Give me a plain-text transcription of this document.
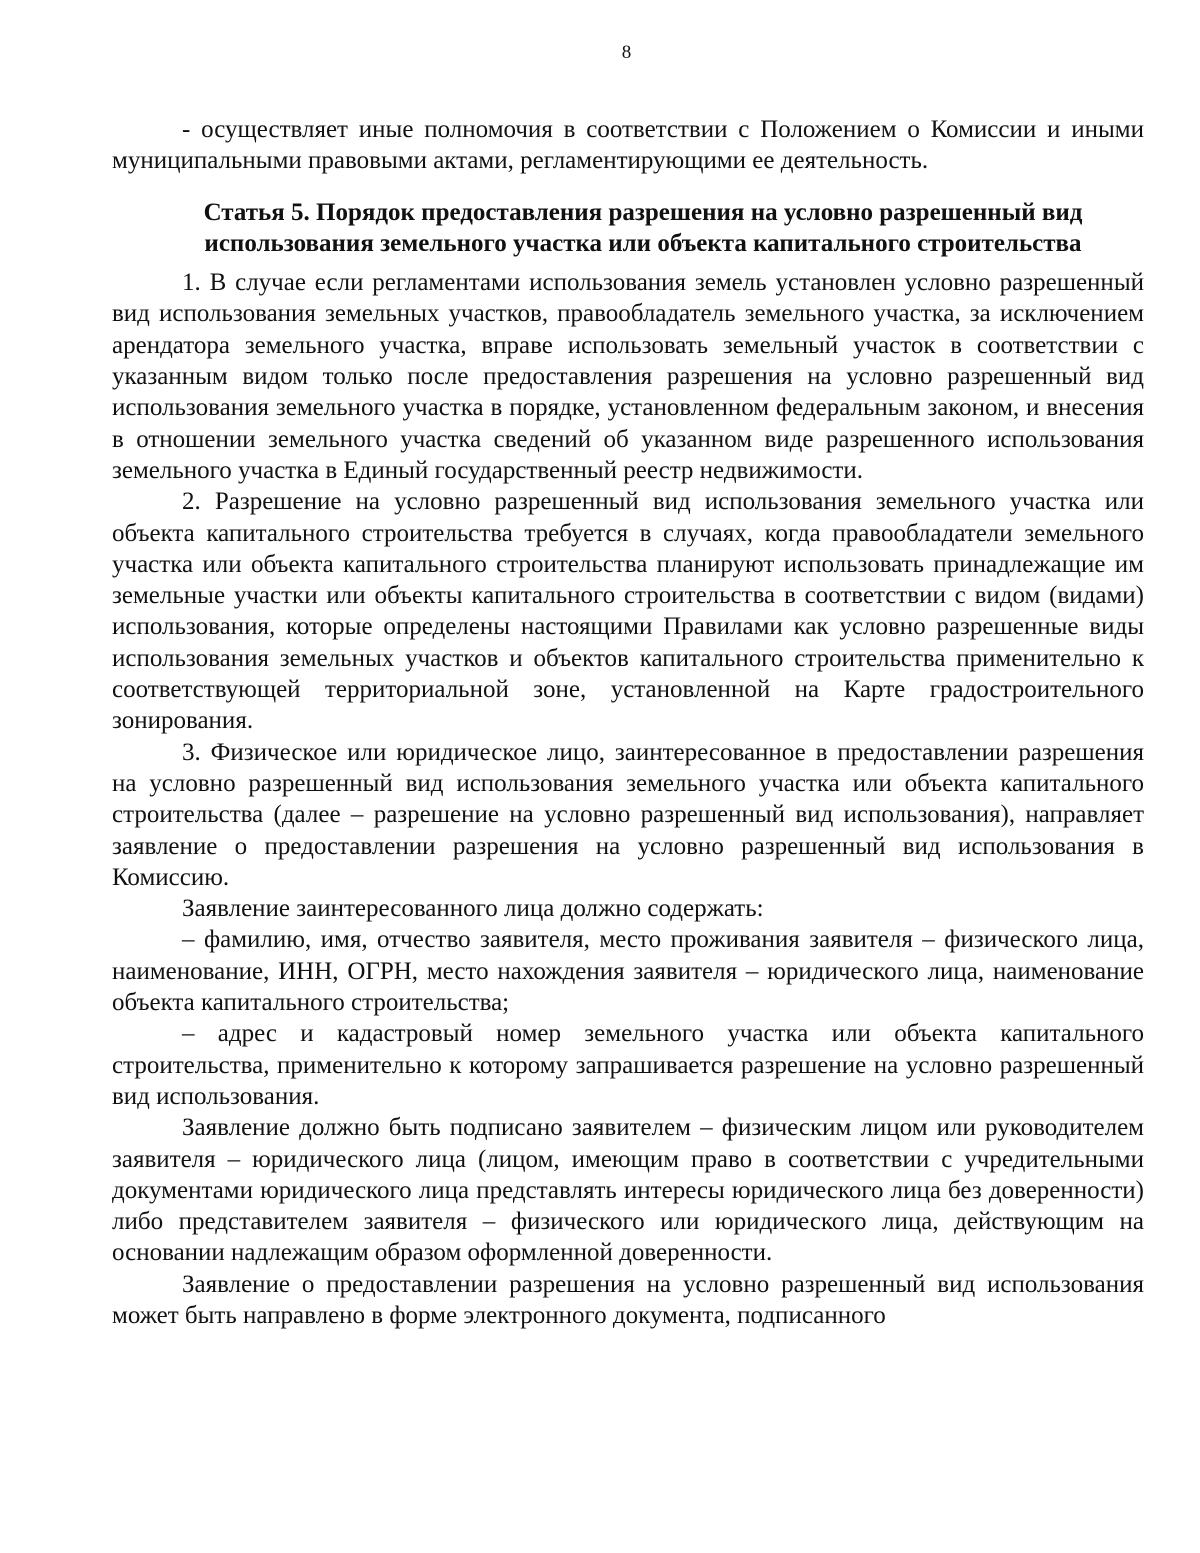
8

- осуществляет иные полномочия в соответствии с Положением о Комиссии и иными муниципальными правовыми актами, регламентирующими ее деятельность.

Статья 5. Порядок предоставления разрешения на условно разрешенный вид
использования земельного участка или объекта капитального строительства

1. В случае если регламентами использования земель установлен условно разрешенный вид использования земельных участков, правообладатель земельного участка, за исключением арендатора земельного участка, вправе использовать земельный участок в соответствии с указанным видом только после предоставления разрешения на условно разрешенный вид использования земельного участка в порядке, установленном федеральным законом, и внесения в отношении земельного участка сведений об указанном виде разрешенного использования земельного участка в Единый государственный реестр недвижимости.

2. Разрешение на условно разрешенный вид использования земельного участка или объекта капитального строительства требуется в случаях, когда правообладатели земельного участка или объекта капитального строительства планируют использовать принадлежащие им земельные участки или объекты капитального строительства в соответствии с видом (видами) использования, которые определены настоящими Правилами как условно разрешенные виды использования земельных участков и объектов капитального строительства применительно к соответствующей территориальной зоне, установленной на Карте градостроительного зонирования.

3. Физическое или юридическое лицо, заинтересованное в предоставлении разрешения на условно разрешенный вид использования земельного участка или объекта капитального строительства (далее – разрешение на условно разрешенный вид использования), направляет заявление о предоставлении разрешения на условно разрешенный вид использования в Комиссию.

Заявление заинтересованного лица должно содержать:

– фамилию, имя, отчество заявителя, место проживания заявителя – физического лица, наименование, ИНН, ОГРН, место нахождения заявителя – юридического лица, наименование объекта капитального строительства;

– адрес и кадастровый номер земельного участка или объекта капитального строительства, применительно к которому запрашивается разрешение на условно разрешенный вид использования.

Заявление должно быть подписано заявителем – физическим лицом или руководителем заявителя – юридического лица (лицом, имеющим право в соответствии с учредительными документами юридического лица представлять интересы юридического лица без доверенности) либо представителем заявителя – физического или юридического лица, действующим на основании надлежащим образом оформленной доверенности.

Заявление о предоставлении разрешения на условно разрешенный вид использования может быть направлено в форме электронного документа, подписанного
